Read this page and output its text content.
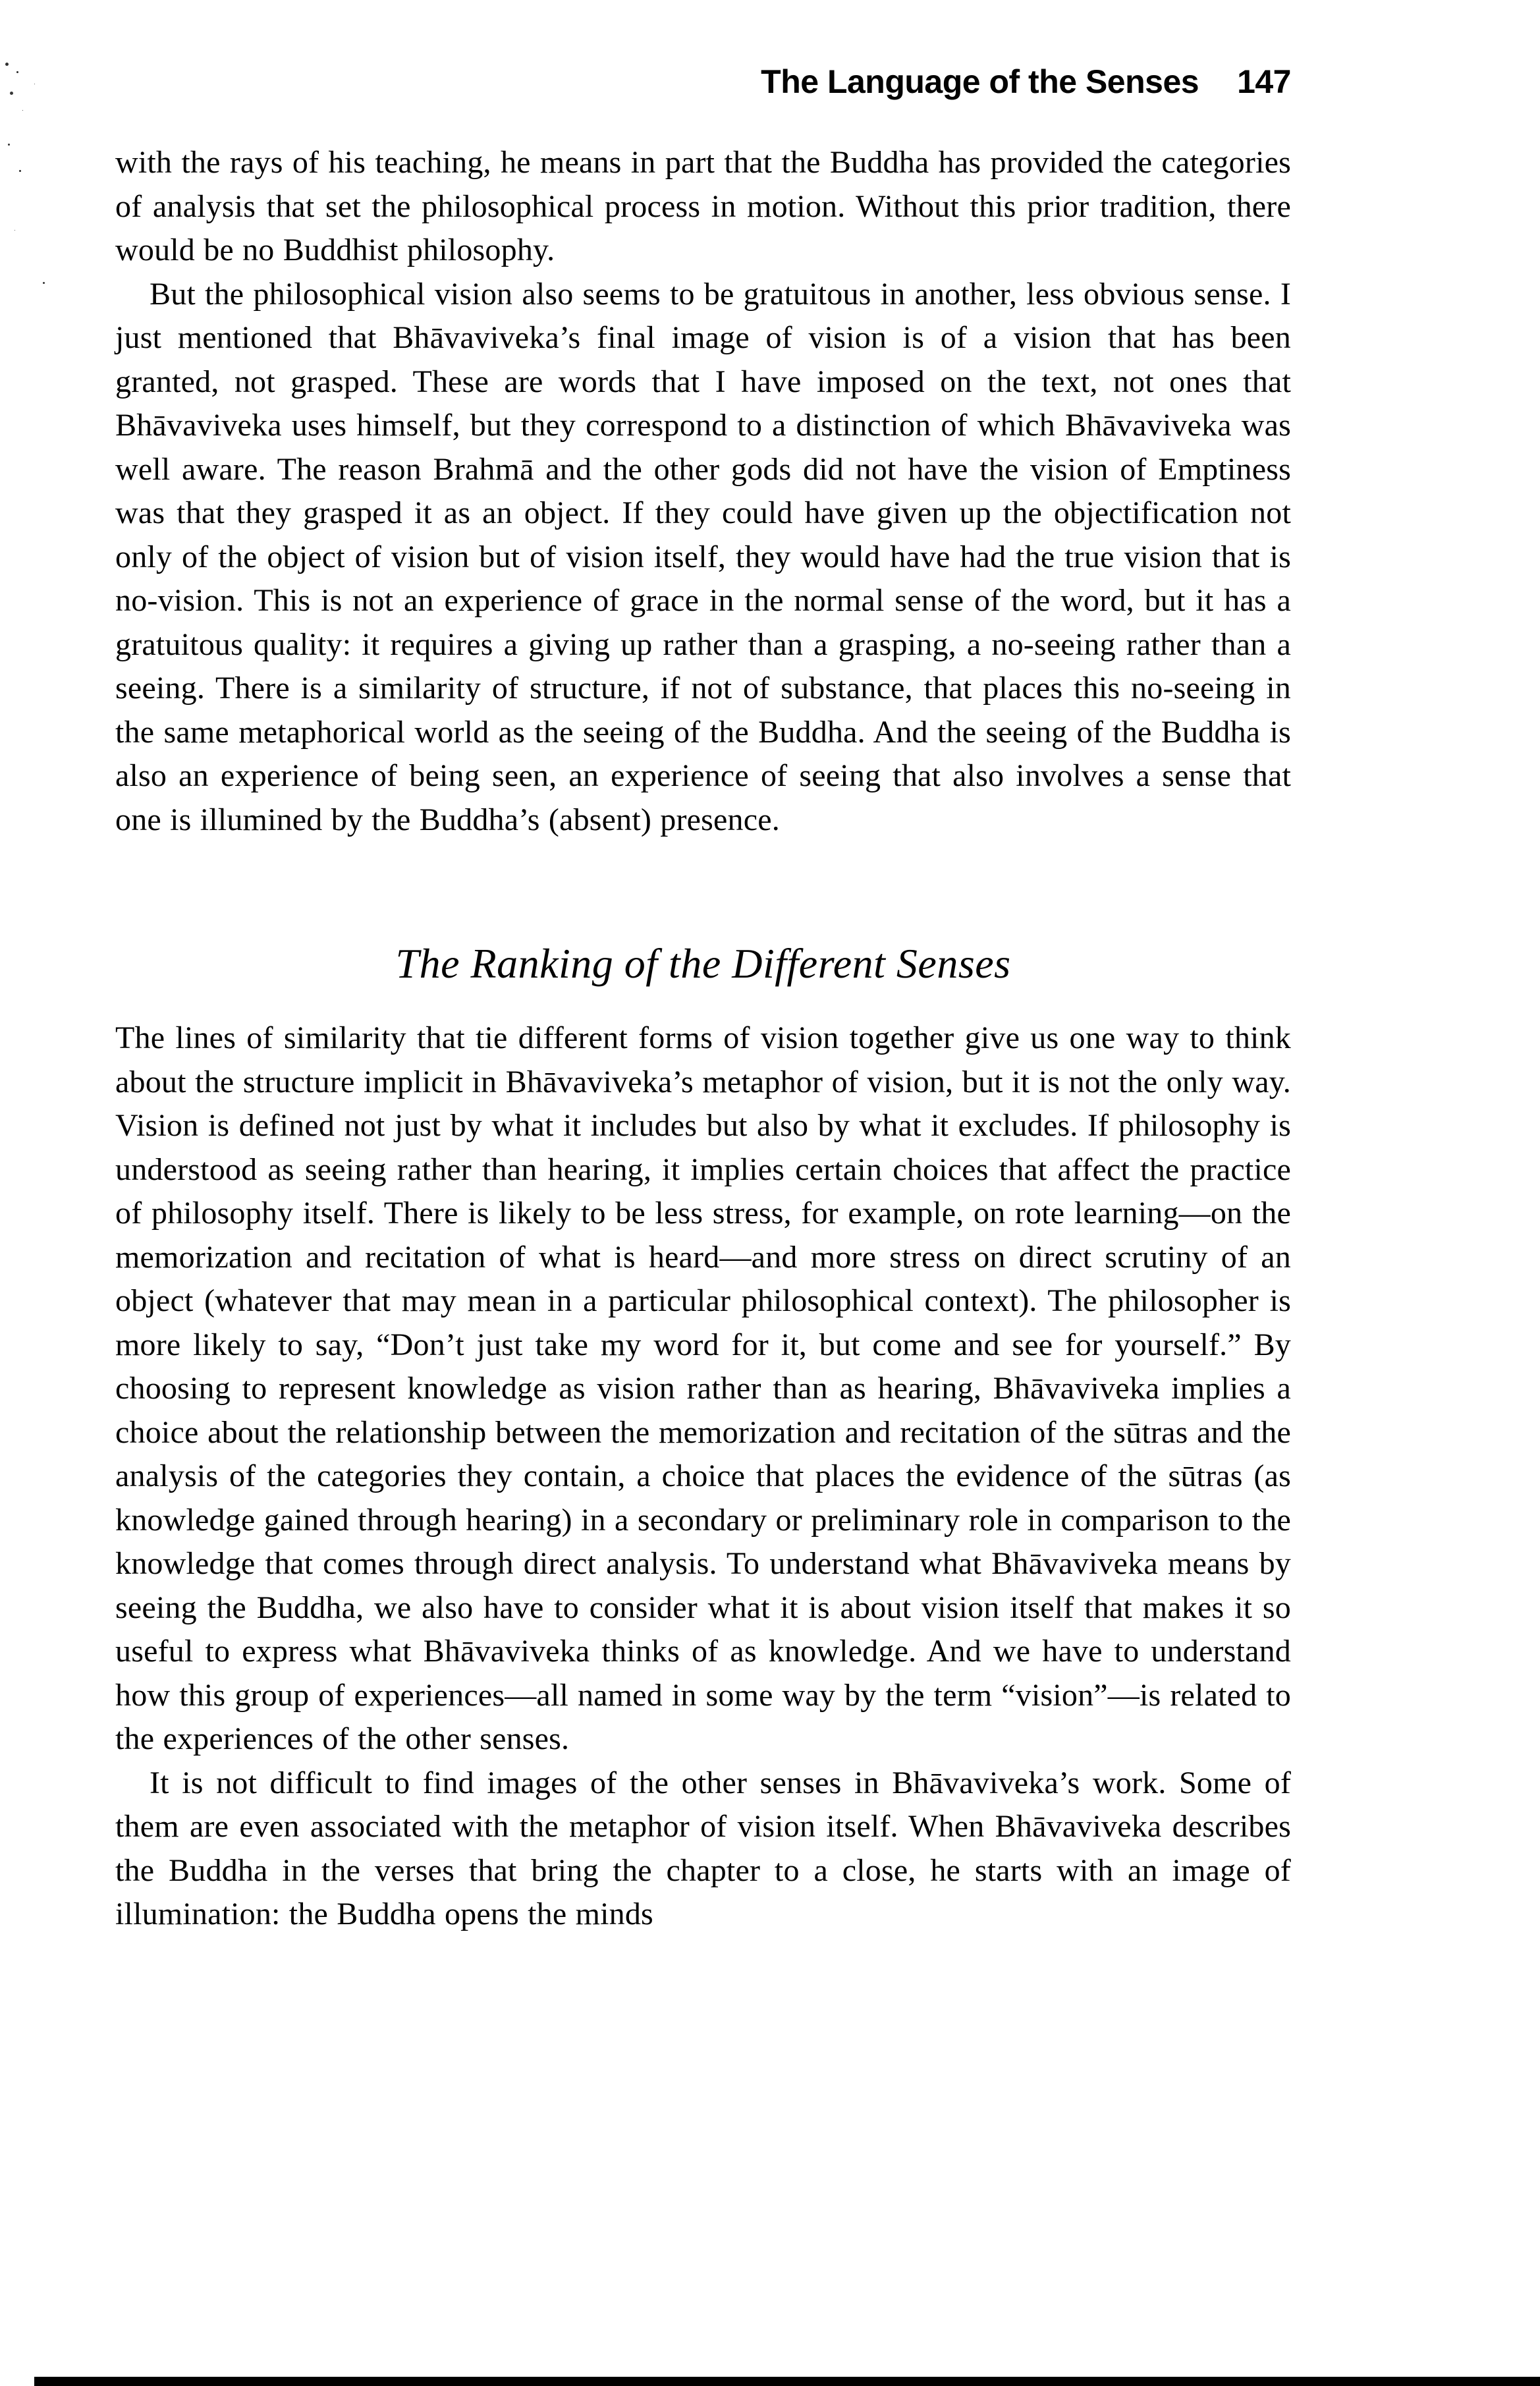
The Language of the Senses 147

with the rays of his teaching, he means in part that the Buddha has provided the categories of analysis that set the philosophical process in motion. Without this prior tradition, there would be no Buddhist philosophy.

But the philosophical vision also seems to be gratuitous in another, less obvious sense. I just mentioned that Bhāvaviveka’s final image of vision is of a vision that has been granted, not grasped. These are words that I have imposed on the text, not ones that Bhāvaviveka uses himself, but they correspond to a distinction of which Bhāvaviveka was well aware. The reason Brahmā and the other gods did not have the vision of Emptiness was that they grasped it as an object. If they could have given up the objectification not only of the object of vision but of vision itself, they would have had the true vision that is no-vision. This is not an experience of grace in the normal sense of the word, but it has a gratuitous quality: it requires a giving up rather than a grasping, a no-seeing rather than a seeing. There is a similarity of structure, if not of substance, that places this no-seeing in the same metaphorical world as the seeing of the Buddha. And the seeing of the Buddha is also an experience of being seen, an experience of seeing that also involves a sense that one is illumined by the Buddha’s (absent) presence.

The Ranking of the Different Senses

The lines of similarity that tie different forms of vision together give us one way to think about the structure implicit in Bhāvaviveka’s metaphor of vision, but it is not the only way. Vision is defined not just by what it includes but also by what it excludes. If philosophy is understood as seeing rather than hearing, it implies certain choices that affect the practice of philosophy itself. There is likely to be less stress, for example, on rote learning—on the memorization and recitation of what is heard—and more stress on direct scrutiny of an object (whatever that may mean in a particular philosophical context). The philosopher is more likely to say, “Don’t just take my word for it, but come and see for yourself.” By choosing to represent knowledge as vision rather than as hearing, Bhāvaviveka implies a choice about the relationship between the memorization and recitation of the sūtras and the analysis of the categories they contain, a choice that places the evidence of the sūtras (as knowledge gained through hearing) in a secondary or preliminary role in comparison to the knowledge that comes through direct analysis. To understand what Bhāvaviveka means by seeing the Buddha, we also have to consider what it is about vision itself that makes it so useful to express what Bhāvaviveka thinks of as knowledge. And we have to understand how this group of experiences—all named in some way by the term “vision”—is related to the experiences of the other senses.

It is not difficult to find images of the other senses in Bhāvaviveka’s work. Some of them are even associated with the metaphor of vision itself. When Bhāvaviveka describes the Buddha in the verses that bring the chapter to a close, he starts with an image of illumination: the Buddha opens the minds
